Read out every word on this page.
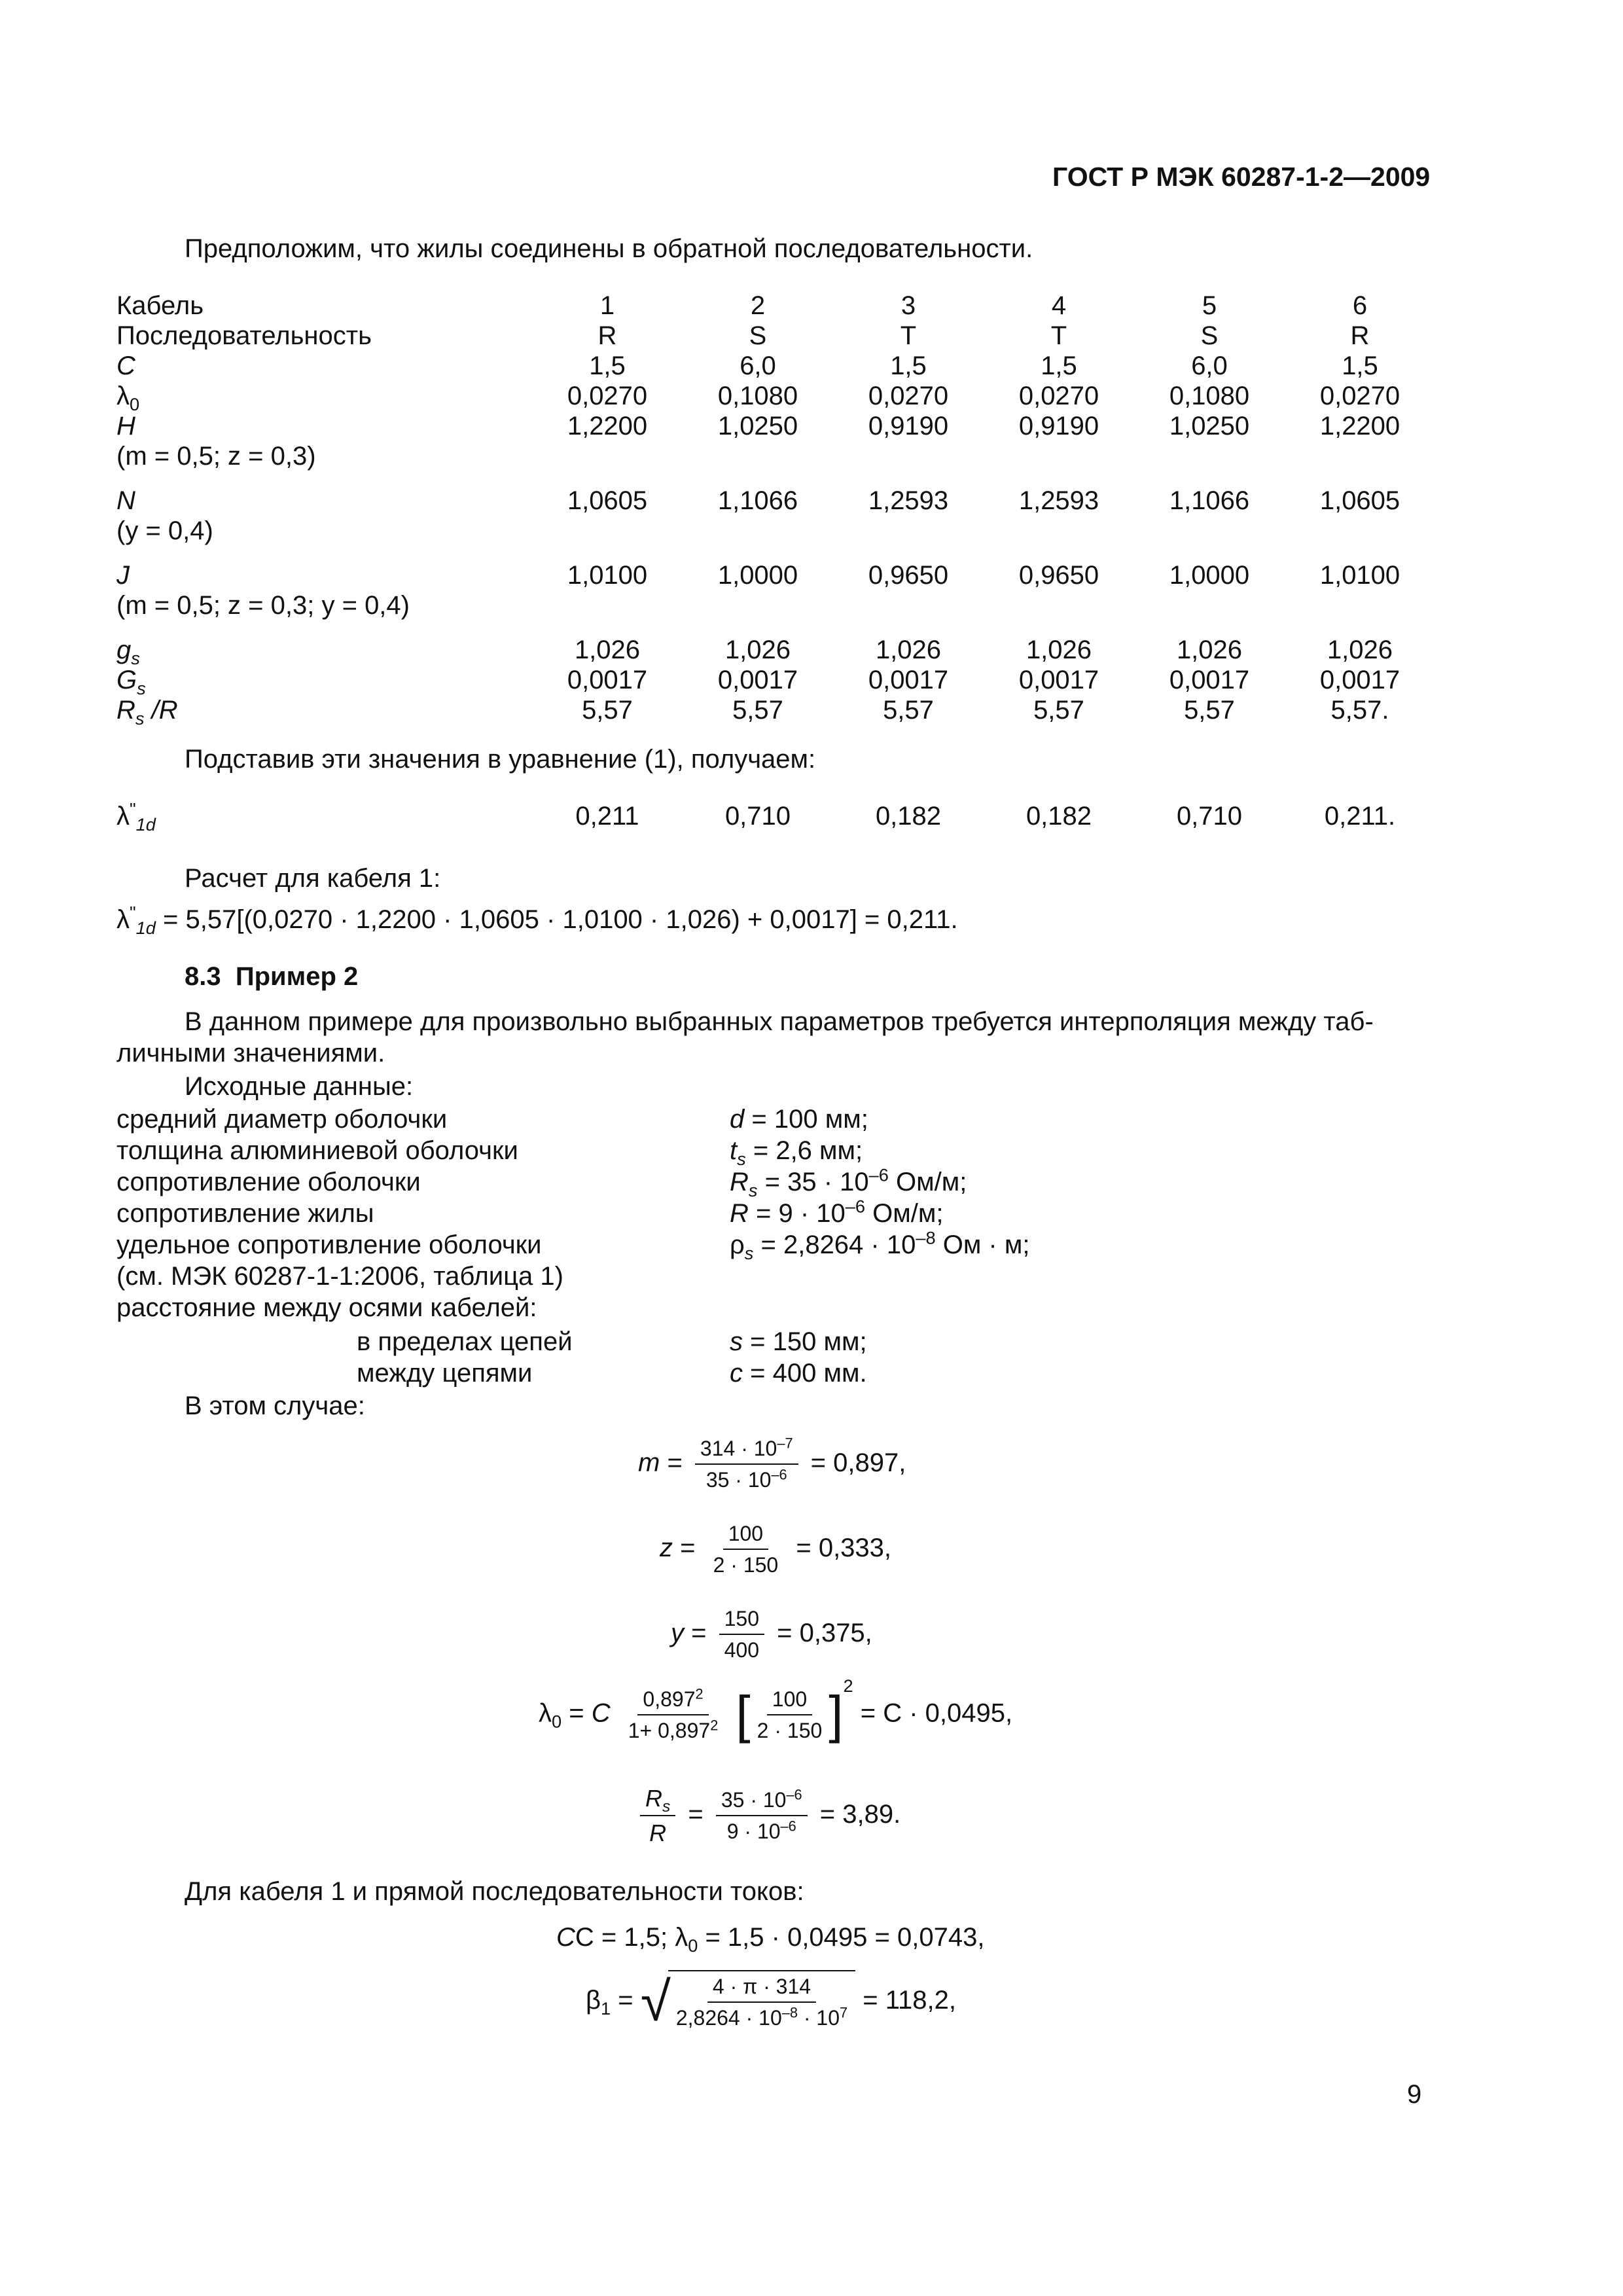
ГОСТ Р МЭК 60287-1-2—2009
Предположим, что жилы соединены в обратной последовательности.
Кабель	1	2	3	4	5	6
Последовательность	R	S	T	T	S	R
C	1,5	6,0	1,5	1,5	6,0	1,5
$\lambda_0$	0,0270	0,1080	0,0270	0,0270	0,1080	0,0270
H	1,2200	1,0250	0,9190	0,9190	1,0250	1,2200
(m = 0,5; z = 0,3)
N	1,0605	1,1066	1,2593	1,2593	1,1066	1,0605
(y = 0,4)
J	1,0100	1,0000	0,9650	0,9650	1,0000	1,0100
(m = 0,5; z = 0,3; y = 0,4)
$g_s$	1,026	1,026	1,026	1,026	1,026	1,026
$G_s$	0,0017	0,0017	0,0017	0,0017	0,0017	0,0017
$R_s$ /R	5,57	5,57	5,57	5,57	5,57	5,57.
Подставив эти значения в уравнение (1), получаем:
$\lambda^"_{1d}$	0,211	0,710	0,182	0,182	0,710	0,211.
Расчет для кабеля 1:
$\lambda^"_{1d} = 5,57[(0,0270 \cdot 1,2200 \cdot 1,0605 \cdot 1,0100 \cdot 1,026) + 0,0017] = 0,211$.
8.3 Пример 2
В данном примере для произвольно выбранных параметров требуется интерполяция между таб-
личными значениями.
Исходные данные:
средний диаметр оболочки	d = 100 мм;
толщина алюминиевой оболочки	$t_s = 2,6$ мм;
сопротивление оболочки	$R_s = 35 \cdot 10^{-6}$ Ом/м;
сопротивление жилы	$R = 9 \cdot 10^{-6}$ Ом/м;
удельное сопротивление оболочки	$\rho_s = 2,8264 \cdot 10^{-8}$ Ом · м;
(см. МЭК 60287-1-1:2006, таблица 1)
расстояние между осями кабелей:
в пределах цепей	s = 150 мм;
между цепями	c = 400 мм.
В этом случае:
$m = \frac{314 \cdot 10^{-7}}{35 \cdot 10^{-6}} = 0,897$,
$z = \frac{100}{2 \cdot 150} = 0,333$,
$y = \frac{150}{400} = 0,375$,
$\lambda_0 = C \frac{0,897^2}{1+ 0,897^2}$ [ $\frac{100}{2 \cdot 150} ]^2 = C \cdot 0,0495$,
$\frac{R_s}{R} = \frac{35 \cdot 10^{-6}}{9 \cdot 10^{-6}} = 3,89$.
Для кабеля 1 и прямой последовательности токов:
CC = 1,5; $\lambda_0 = 1,5 \cdot 0,0495 = 0,0743$,
$\beta_1$ = √ $\frac{4 \cdot \pi \cdot 314}{2,8264 \cdot 10^{-8} \cdot 10^7} = 118,2$,
9
